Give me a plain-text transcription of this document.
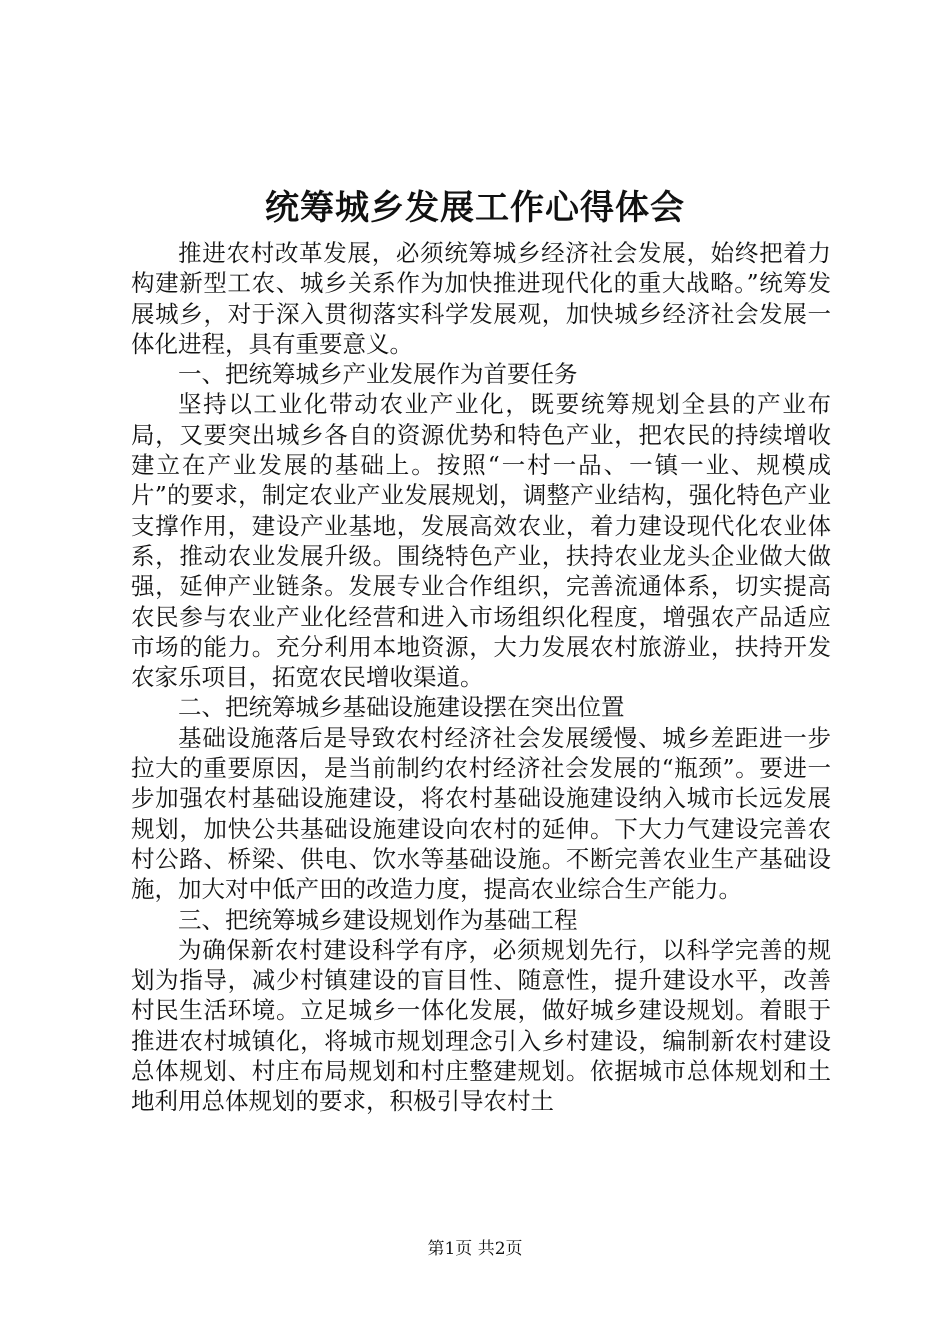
统筹城乡发展工作心得体会

推进农村改革发展，必须统筹城乡经济社会发展，始终把着力构建新型工农、城乡关系作为加快推进现代化的重大战略。”统筹发展城乡，对于深入贯彻落实科学发展观，加快城乡经济社会发展一体化进程，具有重要意义。

一、把统筹城乡产业发展作为首要任务

坚持以工业化带动农业产业化，既要统筹规划全县的产业布局，又要突出城乡各自的资源优势和特色产业，把农民的持续增收建立在产业发展的基础上。按照“一村一品、一镇一业、规模成片”的要求，制定农业产业发展规划，调整产业结构，强化特色产业支撑作用，建设产业基地，发展高效农业，着力建设现代化农业体系，推动农业发展升级。围绕特色产业，扶持农业龙头企业做大做强，延伸产业链条。发展专业合作组织，完善流通体系，切实提高农民参与农业产业化经营和进入市场组织化程度，增强农产品适应市场的能力。充分利用本地资源，大力发展农村旅游业，扶持开发农家乐项目，拓宽农民增收渠道。

二、把统筹城乡基础设施建设摆在突出位置

基础设施落后是导致农村经济社会发展缓慢、城乡差距进一步拉大的重要原因，是当前制约农村经济社会发展的“瓶颈”。要进一步加强农村基础设施建设，将农村基础设施建设纳入城市长远发展规划，加快公共基础设施建设向农村的延伸。下大力气建设完善农村公路、桥梁、供电、饮水等基础设施。不断完善农业生产基础设施，加大对中低产田的改造力度，提高农业综合生产能力。

三、把统筹城乡建设规划作为基础工程

为确保新农村建设科学有序，必须规划先行，以科学完善的规划为指导，减少村镇建设的盲目性、随意性，提升建设水平，改善村民生活环境。立足城乡一体化发展，做好城乡建设规划。着眼于推进农村城镇化，将城市规划理念引入乡村建设，编制新农村建设总体规划、村庄布局规划和村庄整建规划。依据城市总体规划和土地利用总体规划的要求，积极引导农村土

第1页 共2页
